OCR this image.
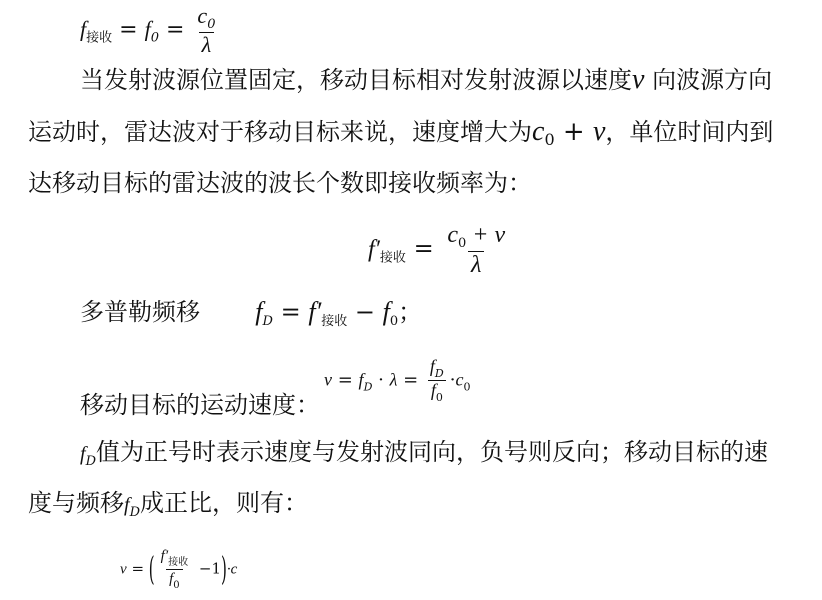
$f_{接收} = f_0 = \frac{c_0}{\lambda}$
当发射波源位置固定，移动目标相对发射波源以速度ν 向波源方向
运动时，雷达波对于移动目标来说，速度增大为$c_0 + \nu$，单位时间内到
达移动目标的雷达波的波长个数即接收频率为：
$f'_{接收} = \frac{c_0 + \nu}{\lambda}$
多普勒频移 $f_D = f'_{接收} - f_0$；
$\nu = f_D \cdot \lambda = \frac{f_D}{f_0} \cdot c_0$
移动目标的运动速度：
$f_D$值为正号时表示速度与发射波同向，负号则反向；移动目标的速
度与频移$f_D$成正比，则有：
v = ( $\frac{f'_{接收}}{f_0} -1)\cdot c$
